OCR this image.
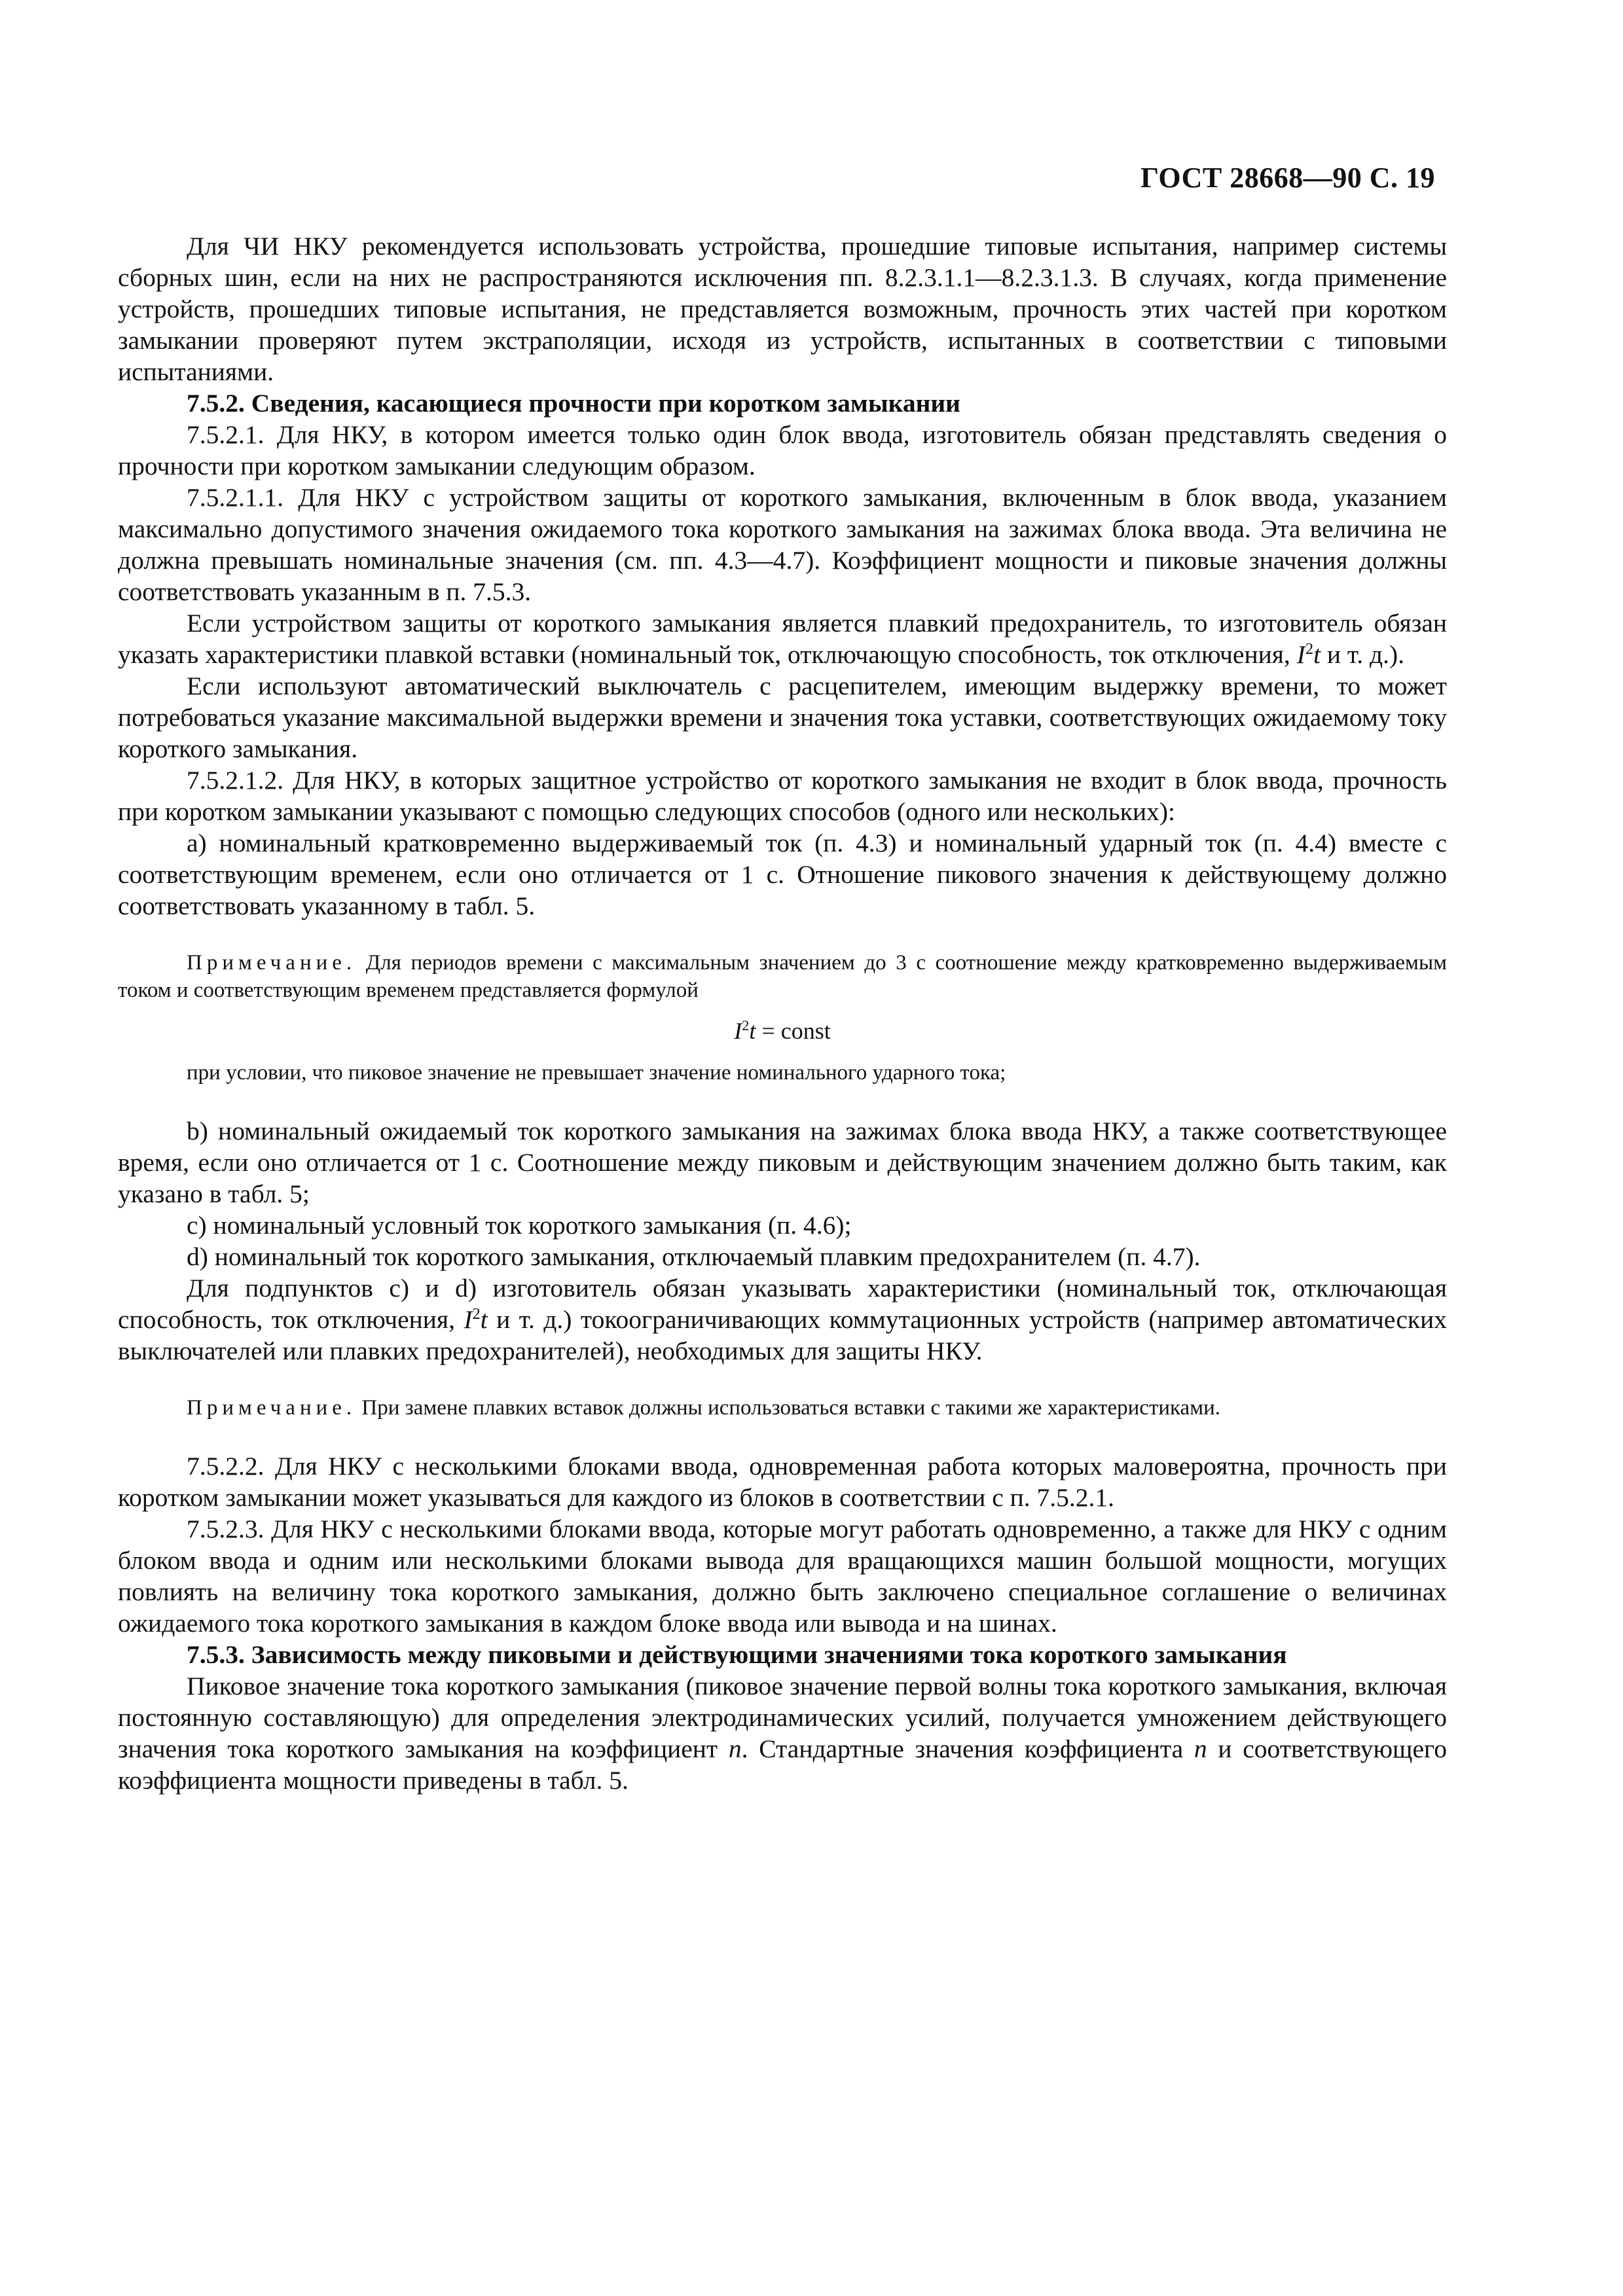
ГОСТ 28668—90 С. 19

Для ЧИ НКУ рекомендуется использовать устройства, прошедшие типовые испытания, например системы сборных шин, если на них не распространяются исключения пп. 8.2.3.1.1—8.2.3.1.3. В случаях, когда применение устройств, прошедших типовые испытания, не представляется возможным, прочность этих частей при коротком замыкании проверяют путем экстраполяции, исходя из устройств, испытанных в соответствии с типовыми испытаниями.

7.5.2. Сведения, касающиеся прочности при коротком замыкании

7.5.2.1. Для НКУ, в котором имеется только один блок ввода, изготовитель обязан представлять сведения о прочности при коротком замыкании следующим образом.

7.5.2.1.1. Для НКУ с устройством защиты от короткого замыкания, включенным в блок ввода, указанием максимально допустимого значения ожидаемого тока короткого замыкания на зажимах блока ввода. Эта величина не должна превышать номинальные значения (см. пп. 4.3—4.7). Коэффициент мощности и пиковые значения должны соответствовать указанным в п. 7.5.3.

Если устройством защиты от короткого замыкания является плавкий предохранитель, то изготовитель обязан указать характеристики плавкой вставки (номинальный ток, отключающую способность, ток отключения, $I^2t$ и т. д.).

Если используют автоматический выключатель с расцепителем, имеющим выдержку времени, то может потребоваться указание максимальной выдержки времени и значения тока уставки, соответствующих ожидаемому току короткого замыкания.

7.5.2.1.2. Для НКУ, в которых защитное устройство от короткого замыкания не входит в блок ввода, прочность при коротком замыкании указывают с помощью следующих способов (одного или нескольких):

а) номинальный кратковременно выдерживаемый ток (п. 4.3) и номинальный ударный ток (п. 4.4) вместе с соответствующим временем, если оно отличается от 1 с. Отношение пикового значения к действующему должно соответствовать указанному в табл. 5.

Примечание. Для периодов времени с максимальным значением до 3 с соотношение между кратковременно выдерживаемым током и соответствующим временем представляется формулой

$I^2t$ = const

при условии, что пиковое значение не превышает значение номинального ударного тока;

b) номинальный ожидаемый ток короткого замыкания на зажимах блока ввода НКУ, а также соответствующее время, если оно отличается от 1 с. Соотношение между пиковым и действующим значением должно быть таким, как указано в табл. 5;

c) номинальный условный ток короткого замыкания (п. 4.6);

d) номинальный ток короткого замыкания, отключаемый плавким предохранителем (п. 4.7).

Для подпунктов c) и d) изготовитель обязан указывать характеристики (номинальный ток, отключающая способность, ток отключения, $I^2t$ и т. д.) токоограничивающих коммутационных устройств (например автоматических выключателей или плавких предохранителей), необходимых для защиты НКУ.

Примечание. При замене плавких вставок должны использоваться вставки с такими же характеристиками.

7.5.2.2. Для НКУ с несколькими блоками ввода, одновременная работа которых маловероятна, прочность при коротком замыкании может указываться для каждого из блоков в соответствии с п. 7.5.2.1.

7.5.2.3. Для НКУ с несколькими блоками ввода, которые могут работать одновременно, а также для НКУ с одним блоком ввода и одним или несколькими блоками вывода для вращающихся машин большой мощности, могущих повлиять на величину тока короткого замыкания, должно быть заключено специальное соглашение о величинах ожидаемого тока короткого замыкания в каждом блоке ввода или вывода и на шинах.

7.5.3. Зависимость между пиковыми и действующими значениями тока короткого замыкания

Пиковое значение тока короткого замыкания (пиковое значение первой волны тока короткого замыкания, включая постоянную составляющую) для определения электродинамических усилий, получается умножением действующего значения тока короткого замыкания на коэффициент n. Стандартные значения коэффициента n и соответствующего коэффициента мощности приведены в табл. 5.
